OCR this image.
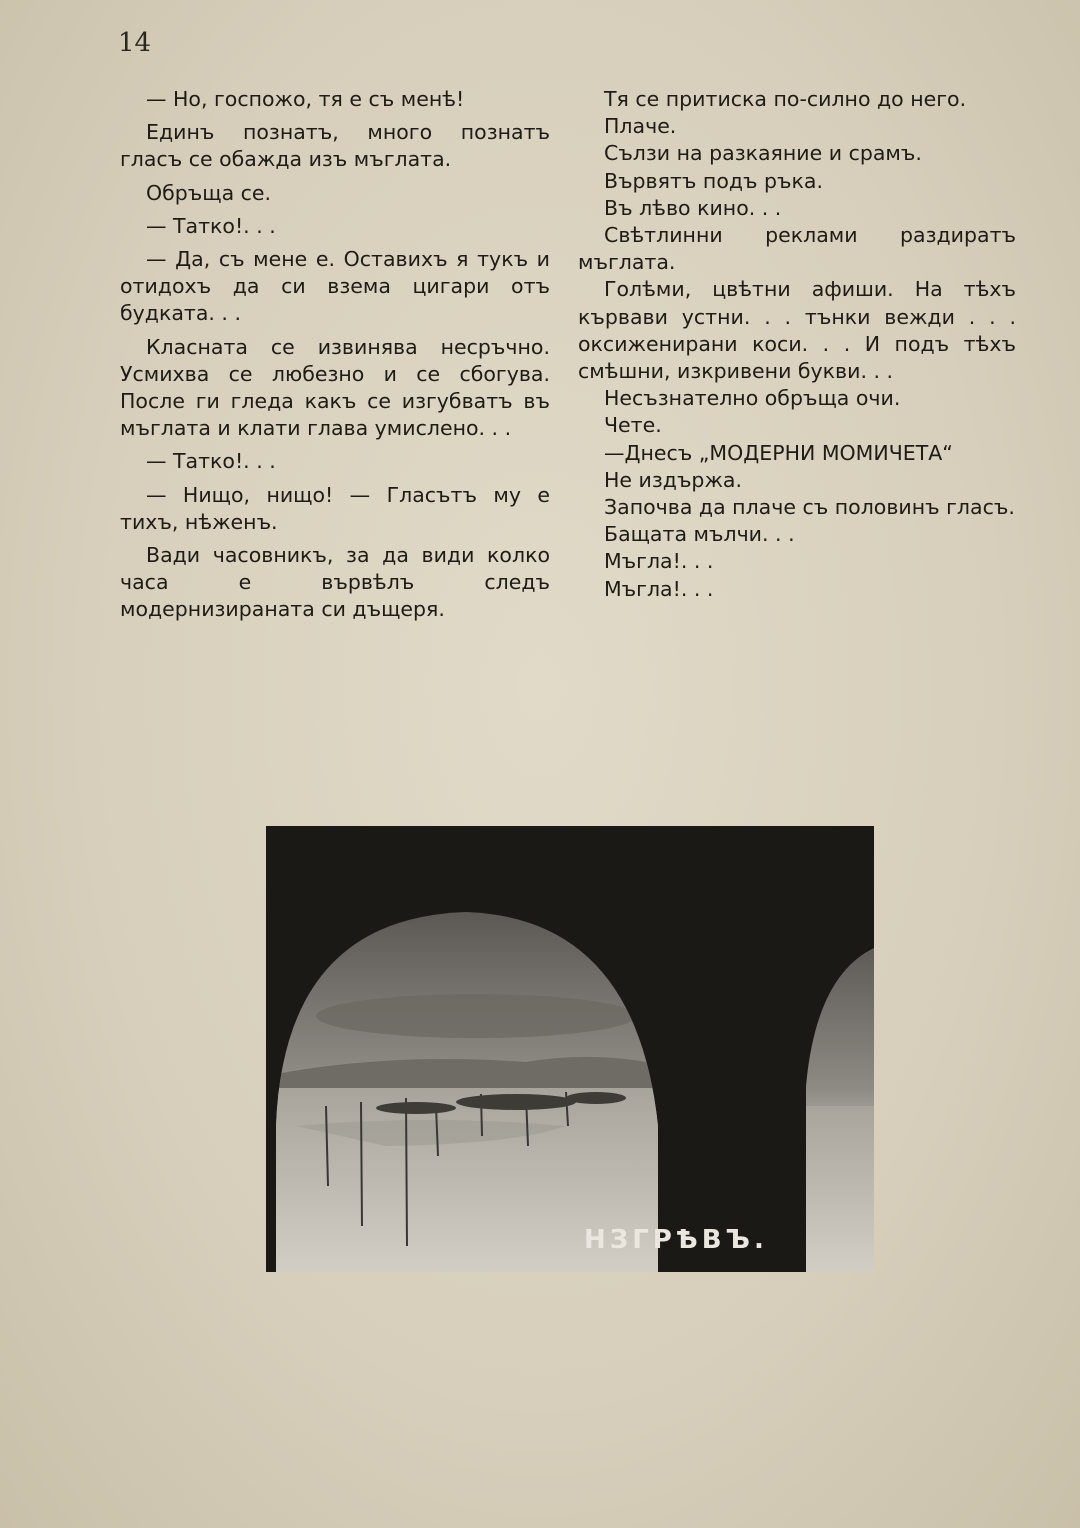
14

— Но, госпожо, тя е съ менѣ!

Единъ познатъ, много познатъ гласъ се обажда изъ мъглата.

Обръща се.

— Татко!. . .

— Да, съ мене е. Оставихъ я тукъ и отидохъ да си взема цигари отъ будката. . .

Класната се извинява несръчно. Усмихва се любезно и се сбогува. После ги гледа какъ се изгубватъ въ мъглата и клати глава умислено. . .

— Татко!. . .

— Нищо, нищо! — Гласътъ му е тихъ, нѣженъ.

Вади часовникъ, за да види колко часа е вървѣлъ следъ модернизираната си дъщеря.

Тя се притиска по-силно до него.

Плаче.

Сълзи на разкаяние и срамъ.

Вървятъ подъ ръка.

Въ лѣво кино. . .

Свѣтлинни реклами раздиратъ мъглата.

Голѣми, цвѣтни афиши. На тѣхъ кървави устни. . . тънки вежди . . . оксиженирани коси. . . И подъ тѣхъ смѣшни, изкривени букви. . .

Несъзнателно обръща очи.

Чете.

—Днесъ „МОДЕРНИ МОМИЧЕТА“

Не издържа.

Започва да плаче съ половинъ гласъ.

Бащата мълчи. . .

Мъгла!. . .

Мъгла!. . .

НЗГРѢВЪ.
